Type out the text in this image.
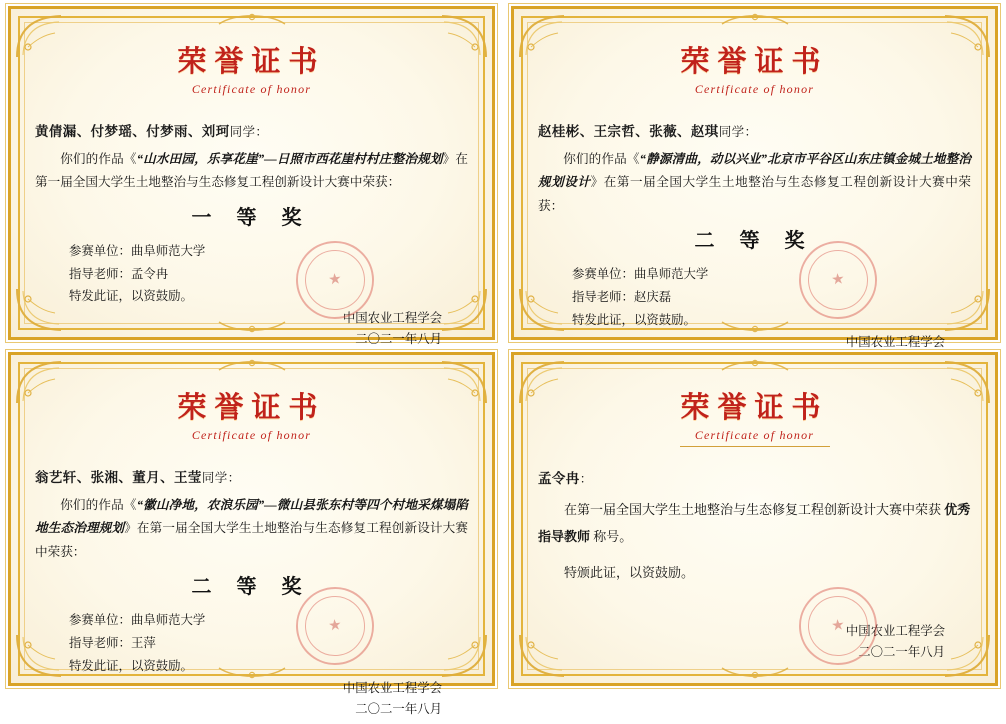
荣誉证书
Certificate of honor
黄倩漏、付梦瑶、付梦雨、刘珂同学：
你们的作品《“山水田园，乐享花崖”—日照市西花崖村村庄整治规划》在第一届全国大学生土地整治与生态修复工程创新设计大赛中荣获：
一 等 奖
参赛单位：曲阜师范大学
指导老师：孟令冉
特发此证，以资鼓励。
中国农业工程学会
二〇二一年八月
★
荣誉证书
Certificate of honor
赵桂彬、王宗哲、张薇、赵琪同学：
你们的作品《“静源清曲，动以兴业”北京市平谷区山东庄镇金城土地整治规划设计》在第一届全国大学生土地整治与生态修复工程创新设计大赛中荣获：
二 等 奖
参赛单位：曲阜师范大学
指导老师：赵庆磊
特发此证，以资鼓励。
中国农业工程学会
★
荣誉证书
Certificate of honor
翁艺轩、张湘、董月、王莹同学：
你们的作品《“徽山净地，农浪乐园”—微山县张东村等四个村地采煤塌陷地生态治理规划》在第一届全国大学生土地整治与生态修复工程创新设计大赛中荣获：
二 等 奖
参赛单位：曲阜师范大学
指导老师：王萍
特发此证，以资鼓励。
中国农业工程学会
二〇二一年八月
★
荣誉证书
Certificate of honor
孟令冉：
在第一届全国大学生土地整治与生态修复工程创新设计大赛中荣获 优秀指导教师 称号。
特颁此证，以资鼓励。
中国农业工程学会
二〇二一年八月
★
